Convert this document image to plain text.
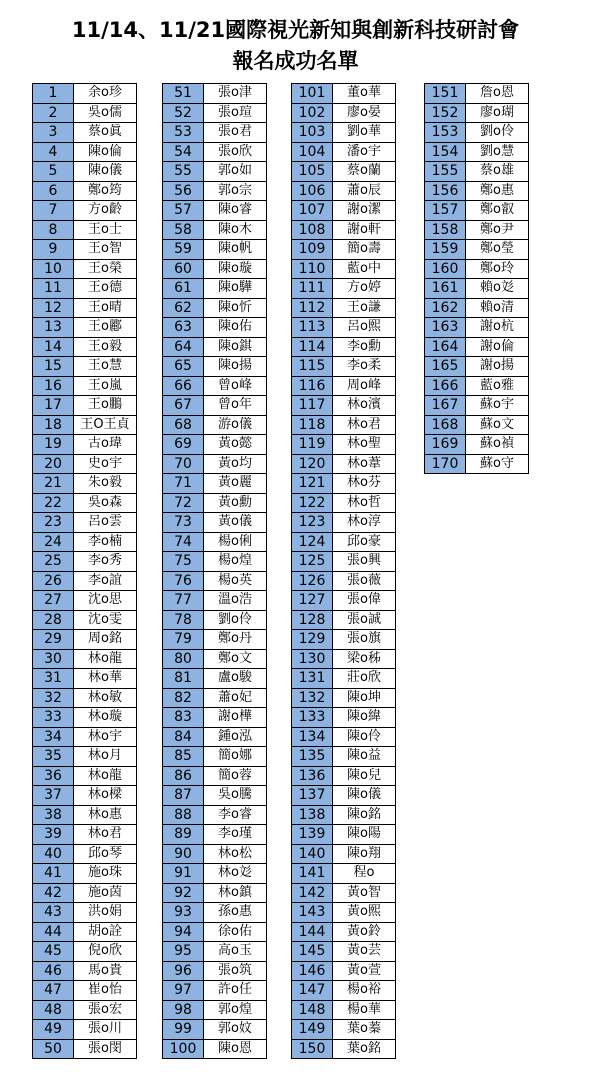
11/14、11/21國際視光新知與創新科技研討會
報名成功名單
1	余o珍
2	吳o儒
3	蔡o眞
4	陳o倫
5	陳o儀
6	鄭o筠
7	方o齡
8	王o士
9	王o智
10	王o榮
11	王o德
12	王o晴
13	王o酈
14	王o毅
15	王o慧
16	王o嵐
17	王o鵬
18	王O王貞
19	古o瑋
20	史o宇
21	朱o毅
22	吳o森
23	呂o雲
24	李o楠
25	李o秀
26	李o誼
27	沈o思
28	沈o雯
29	周o銘
30	林o龍
31	林o華
32	林o敏
33	林o璇
34	林o宇
35	林o月
36	林o龍
37	林o樑
38	林o惠
39	林o君
40	邱o琴
41	施o珠
42	施o茵
43	洪o娟
44	胡o詮
45	倪o欣
46	馬o貴
47	崔o怡
48	張o宏
49	張o川
50	張o閔
51	張o津
52	張o瑄
53	張o君
54	張o欣
55	郭o如
56	郭o宗
57	陳o睿
58	陳o木
59	陳o帆
60	陳o璇
61	陳o驊
62	陳o忻
63	陳o佑
64	陳o錤
65	陳o揚
66	曾o峰
67	曾o年
68	游o儀
69	黃o懿
70	黃o均
71	黃o麗
72	黃o勳
73	黃o儀
74	楊o俐
75	楊o煌
76	楊o英
77	溫o浩
78	劉o伶
79	鄭o丹
80	鄭o文
81	盧o駿
82	蕭o妃
83	謝o樺
84	鍾o泓
85	簡o娜
86	簡o蓉
87	吳o騰
88	李o睿
89	李o瑾
90	林o松
91	林o彣
92	林o鎮
93	孫o惠
94	徐o佑
95	高o玉
96	張o筑
97	許o任
98	郭o煌
99	郭o妏
100	陳o恩
101	董o華
102	廖o晏
103	劉o華
104	潘o宇
105	蔡o蘭
106	蕭o辰
107	謝o潔
108	謝o軒
109	簡o壽
110	藍o中
111	方o婷
112	王o謙
113	呂o熙
114	李o勳
115	李o柔
116	周o峰
117	林o濱
118	林o君
119	林o聖
120	林o葦
121	林o芬
122	林o哲
123	林o淳
124	邱o豪
125	張o興
126	張o薇
127	張o偉
128	張o誠
129	張o旗
130	梁o秭
131	莊o欣
132	陳o坤
133	陳o緯
134	陳o伶
135	陳o益
136	陳o兒
137	陳o儀
138	陳o銘
139	陳o陽
140	陳o翔
141	程o
142	黃o智
143	黃o熙
144	黃o鈴
145	黃o芸
146	黃o萱
147	楊o裕
148	楊o華
149	葉o蓁
150	葉o銘
151	詹o恩
152	廖o瑚
153	劉o伶
154	劉o慧
155	蔡o雄
156	鄭o惠
157	鄭o叡
158	鄭o尹
159	鄭o瑩
160	鄭o玲
161	賴o彣
162	賴o清
163	謝o杭
164	謝o倫
165	謝o揚
166	藍o雅
167	蘇o宇
168	蘇o文
169	蘇o禎
170	蘇o守
